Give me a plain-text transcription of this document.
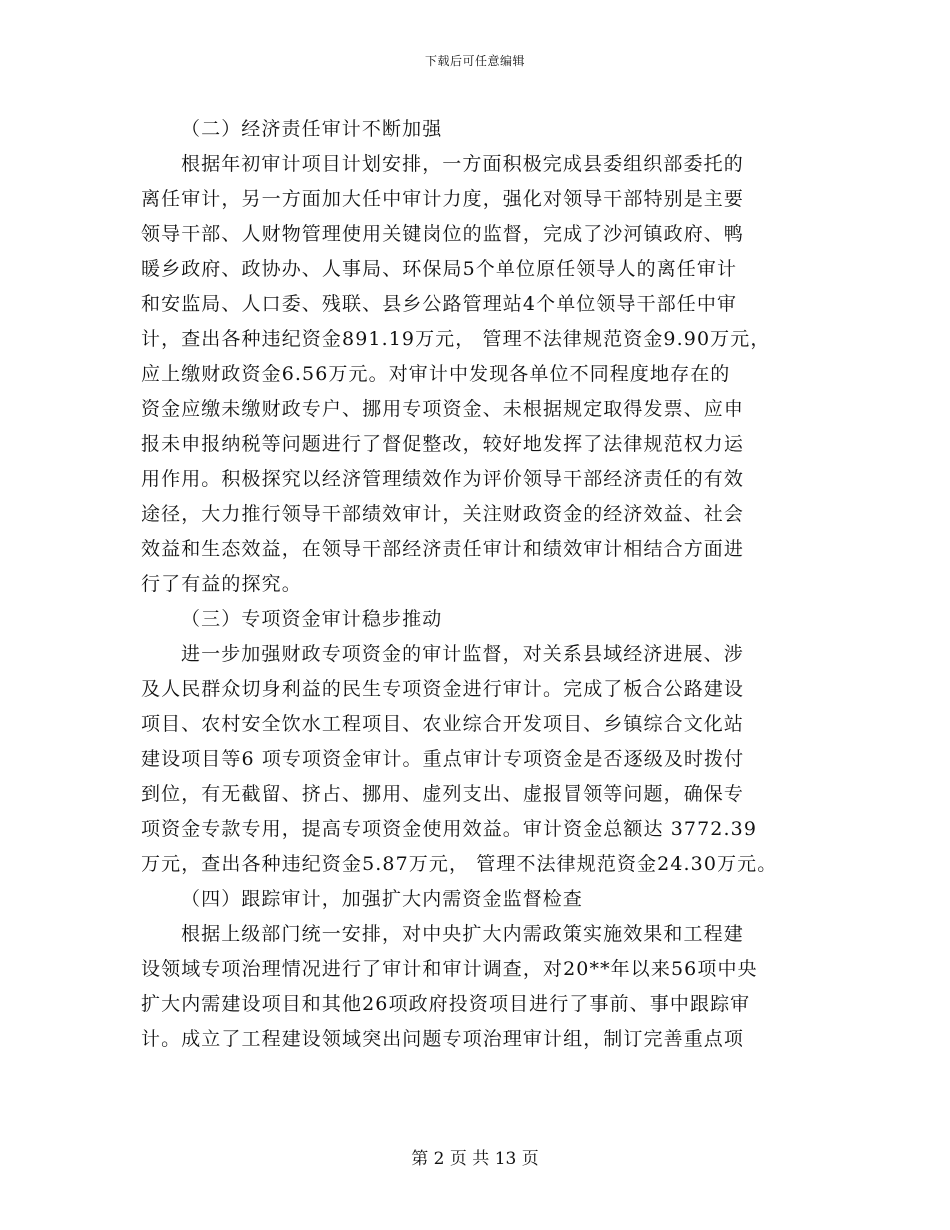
下载后可任意编辑
（二）经济责任审计不断加强
根据年初审计项目计划安排，一方面积极完成县委组织部委托的
离任审计，另一方面加大任中审计力度，强化对领导干部特别是主要
领导干部、人财物管理使用关键岗位的监督，完成了沙河镇政府、鸭
暖乡政府、政协办、人事局、环保局5个单位原任领导人的离任审计
和安监局、人口委、残联、县乡公路管理站4个单位领导干部任中审
计，查出各种违纪资金891.19万元， 管理不法律规范资金9.90万元，
应上缴财政资金6.56万元。对审计中发现各单位不同程度地存在的
资金应缴未缴财政专户、挪用专项资金、未根据规定取得发票、应申
报未申报纳税等问题进行了督促整改，较好地发挥了法律规范权力运
用作用。积极探究以经济管理绩效作为评价领导干部经济责任的有效
途径，大力推行领导干部绩效审计，关注财政资金的经济效益、社会
效益和生态效益，在领导干部经济责任审计和绩效审计相结合方面进
行了有益的探究。
（三）专项资金审计稳步推动
进一步加强财政专项资金的审计监督，对关系县域经济进展、涉
及人民群众切身利益的民生专项资金进行审计。完成了板合公路建设
项目、农村安全饮水工程项目、农业综合开发项目、乡镇综合文化站
建设项目等6 项专项资金审计。重点审计专项资金是否逐级及时拨付
到位，有无截留、挤占、挪用、虚列支出、虚报冒领等问题，确保专
项资金专款专用，提高专项资金使用效益。审计资金总额达 3772.39
万元，查出各种违纪资金5.87万元， 管理不法律规范资金24.30万元。
（四）跟踪审计，加强扩大内需资金监督检查
根据上级部门统一安排，对中央扩大内需政策实施效果和工程建
设领域专项治理情况进行了审计和审计调查，对20**年以来56项中央
扩大内需建设项目和其他26项政府投资项目进行了事前、事中跟踪审
计。成立了工程建设领域突出问题专项治理审计组，制订完善重点项
第 2 页 共 13 页
